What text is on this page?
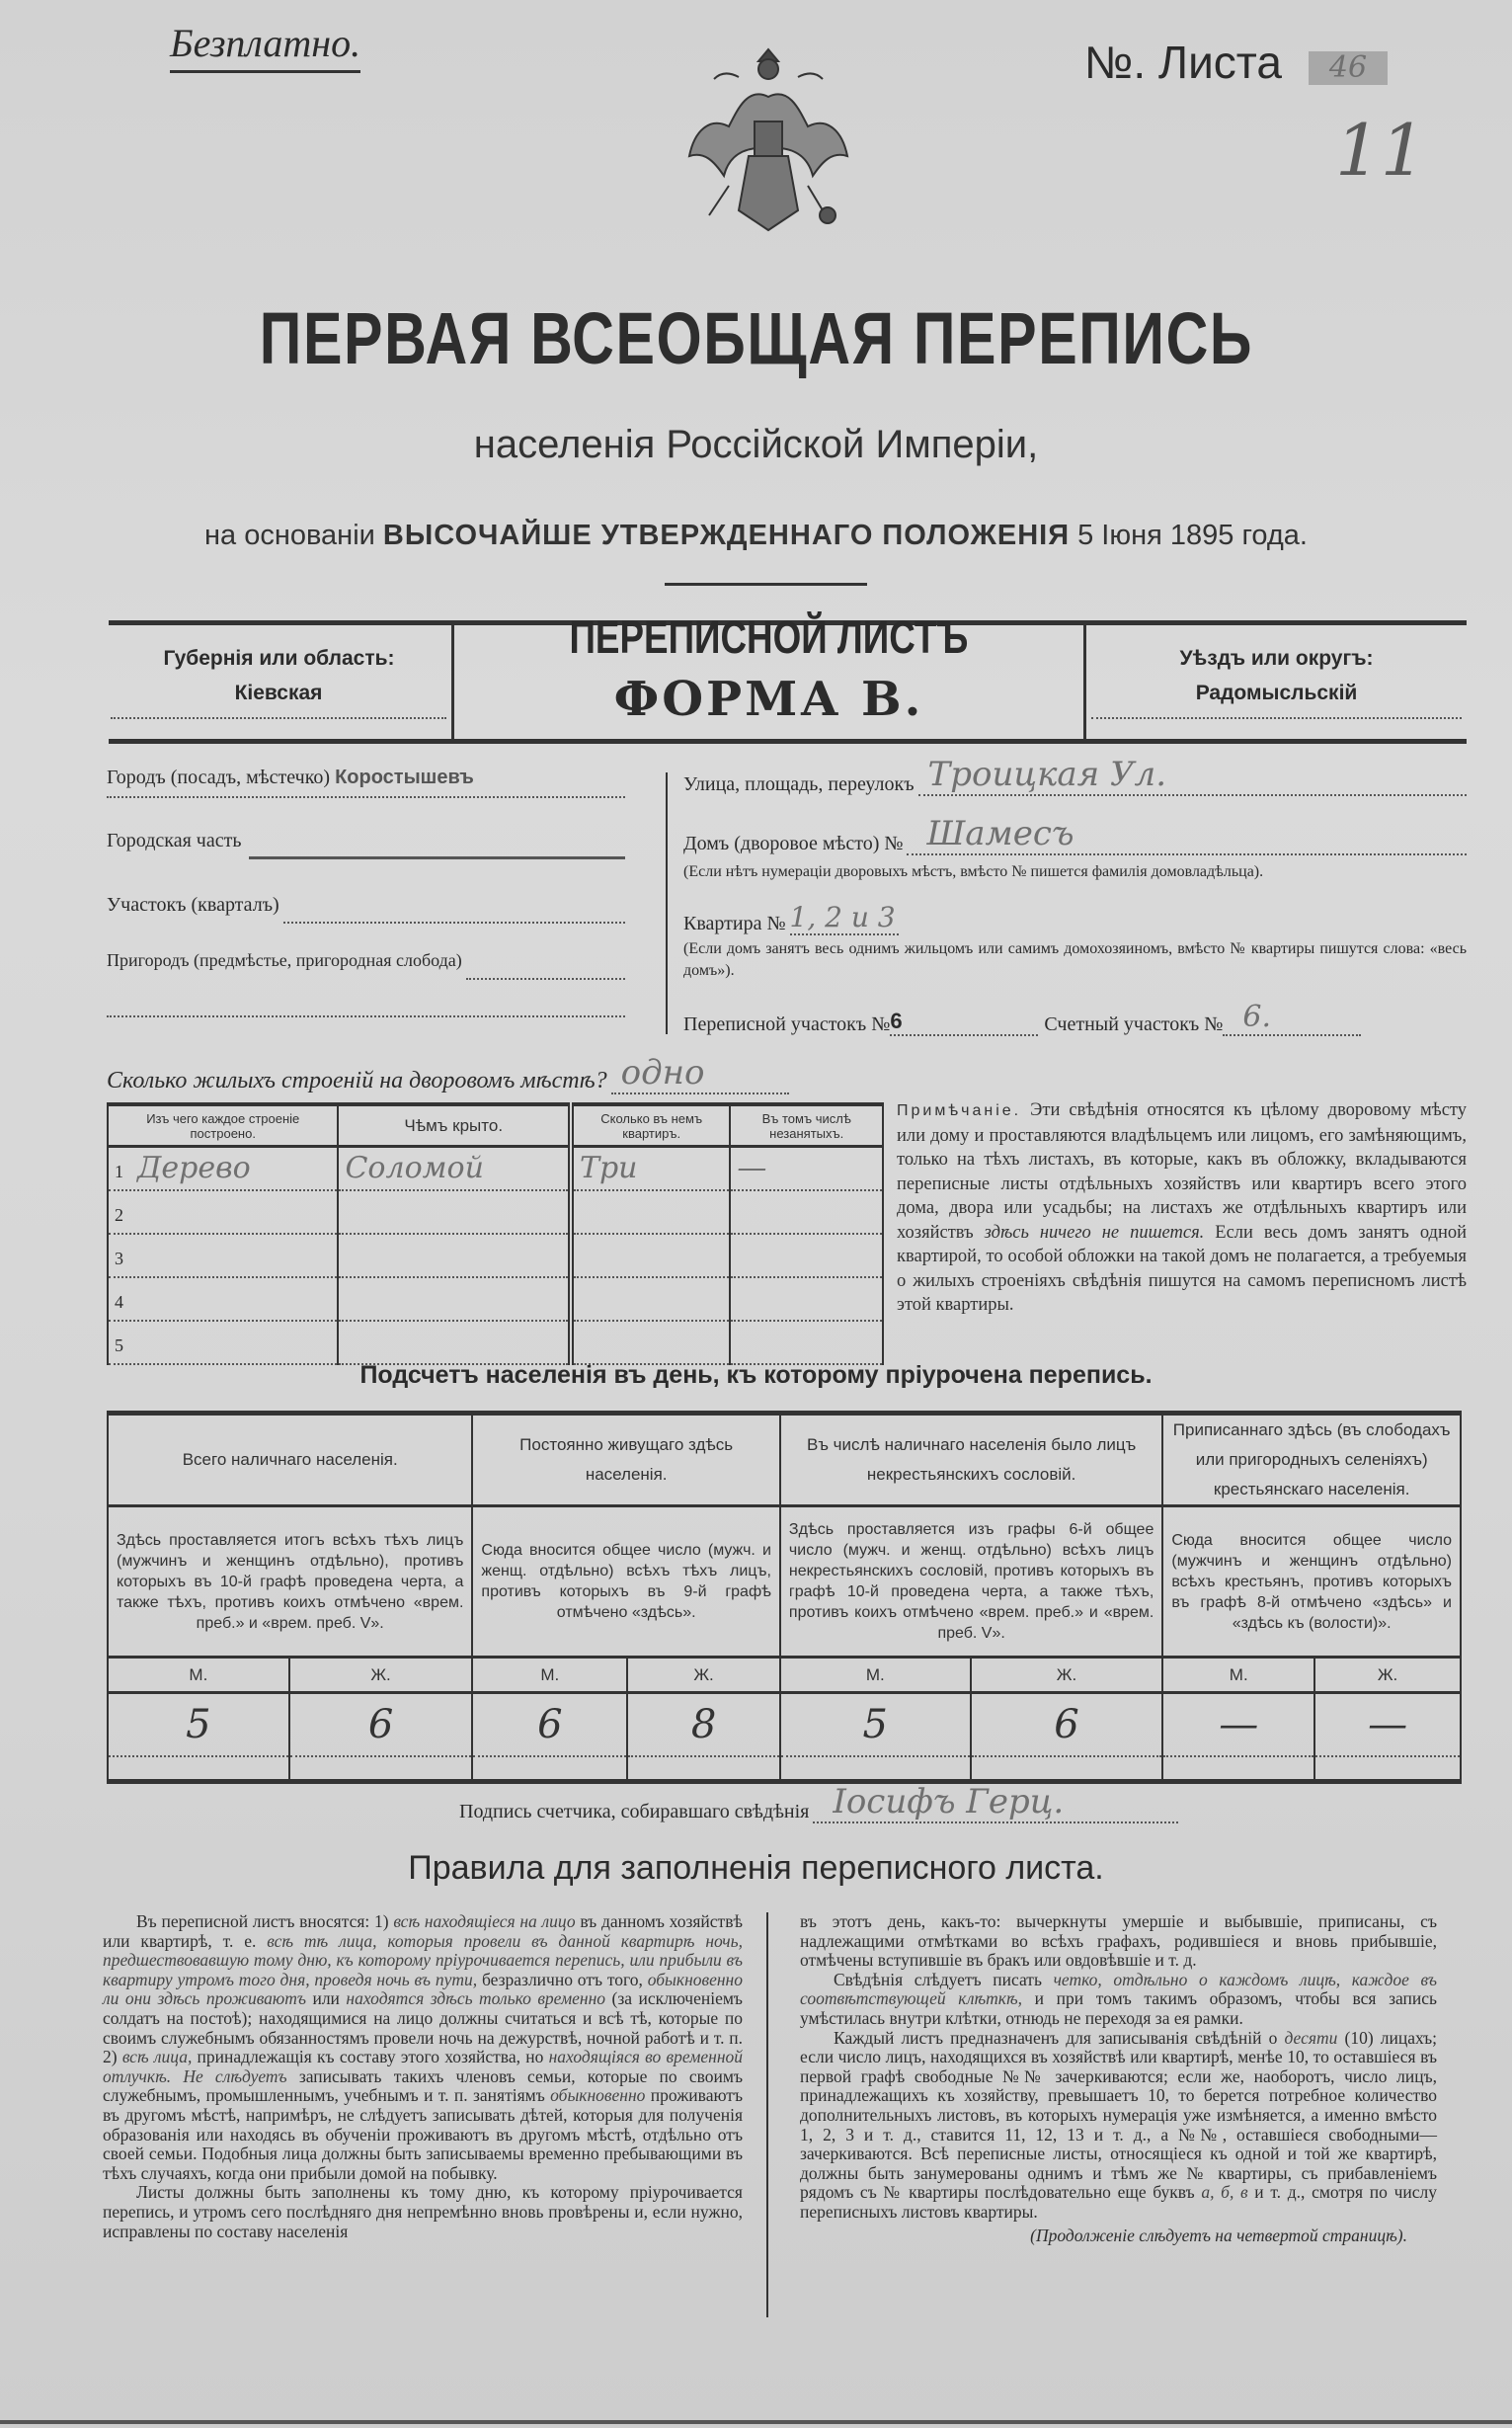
Безплатно.	№. Листа	46
11
ПЕРВАЯ ВСЕОБЩАЯ ПЕРЕПИСЬ
населенія Россійской Имперіи,
на основаніи ВЫСОЧАЙШЕ УТВЕРЖДЕННАГО ПОЛОЖЕНІЯ 5 Іюня 1895 года.
Губернія или область:
Кіевская
ПЕРЕПИСНОЙ ЛИСТЪ
ФОРМА В.
Уѣздъ или округъ:
Радомысльскій
Городъ (посадъ, мѣстечко) Коростышевъ
Городская часть
Участокъ (кварталъ)
Пригородъ (предмѣстье, пригородная слобода)
Улица, площадь, переулокъ Троицкая Ул.
Домъ (дворовое мѣсто) № Шамесъ
(Если нѣтъ нумераціи дворовыхъ мѣстъ, вмѣсто № пишется фамилія домовладѣльца).
Квартира № 1, 2 и 3
(Если домъ занятъ весь однимъ жильцомъ или самимъ домохозяиномъ, вмѣсто № квартиры пишутся слова: «весь домъ»).
Переписной участокъ № 6	Счетный участокъ № 6.
Сколько жилыхъ строеній на дворовомъ мѣстѣ? одно
Изъ чего каждое строеніе построено.	Чѣмъ крыто.	Сколько въ немъ квартиръ.	Въ томъ числѣ незанятыхъ.
1 Дерево	Соломой	Три	—
2			
3			
4			
5			
Примѣчаніе. Эти свѣдѣнія относятся къ цѣлому дворовому мѣсту или дому и проставляются владѣльцемъ или лицомъ, его замѣняющимъ, только на тѣхъ листахъ, въ которые, какъ въ обложку, вкладываются переписные листы отдѣльныхъ хозяйствъ или квартиръ всего этого дома, двора или усадьбы; на листахъ же отдѣльныхъ квартиръ или хозяйствъ здѣсь ничего не пишется. Если весь домъ занятъ одной квартирой, то особой обложки на такой домъ не полагается, а требуемыя о жилыхъ строеніяхъ свѣдѣнія пишутся на самомъ переписномъ листѣ этой квартиры.
Подсчетъ населенія въ день, къ которому пріурочена перепись.
Всего наличнаго населенія.		Постоянно живущаго здѣсь населенія.		Въ числѣ наличнаго населенія было лицъ некрестьянскихъ сословій.		Приписаннаго здѣсь (въ слободахъ или пригородныхъ селеніяхъ) крестьянскаго населенія.	
Здѣсь проставляется итогъ всѣхъ тѣхъ лицъ (мужчинъ и женщинъ отдѣльно), противъ которыхъ въ 10-й графѣ проведена черта, а также тѣхъ, противъ коихъ отмѣчено «врем. преб.» и «врем. преб. V».		Сюда вносится общее число (мужч. и женщ. отдѣльно) всѣхъ тѣхъ лицъ, противъ которыхъ въ 9-й графѣ отмѣчено «здѣсь».		Здѣсь проставляется изъ графы 6-й общее число (мужч. и женщ. отдѣльно) всѣхъ лицъ некрестьянскихъ сословій, противъ которыхъ въ графѣ 10-й проведена черта, а также тѣхъ, противъ коихъ отмѣчено «врем. преб.» и «врем. преб. V».		Сюда вносится общее число (мужчинъ и женщинъ отдѣльно) всѣхъ крестьянъ, противъ которыхъ въ графѣ 8-й отмѣчено «здѣсь» и «здѣсь къ (волости)».	
М.	Ж.	М.	Ж.	М.	Ж.	М.	Ж.
5	6	6	8	5	6	—	—

Подпись счетчика, собиравшаго свѣдѣнія Іосифъ Герц.
Правила для заполненія переписного листа.

Въ переписной листъ вносятся: 1) всѣ находящіеся на лицо въ данномъ хозяйствѣ или квартирѣ, т. е. всѣ тѣ лица, которыя провели въ данной квартирѣ ночь, предшествовавшую тому дню, къ которому пріурочивается перепись, или прибыли въ квартиру утромъ того дня, проведя ночь въ пути, безразлично отъ того, обыкновенно ли они здѣсь проживаютъ или находятся здѣсь только временно (за исключеніемъ солдатъ на постоѣ); находящимися на лицо должны считаться и всѣ тѣ, которые по своимъ служебнымъ обязанностямъ провели ночь на дежурствѣ, ночной работѣ и т. п. 2) всѣ лица, принадлежащія къ составу этого хозяйства, но находящіяся во временной отлучкѣ. Не слѣдуетъ записывать такихъ членовъ семьи, которые по своимъ служебнымъ, промышленнымъ, учебнымъ и т. п. занятіямъ обыкновенно проживаютъ въ другомъ мѣстѣ, напримѣръ, не слѣдуетъ записывать дѣтей, которыя для полученія образованія или находясь въ обученіи проживаютъ въ другомъ мѣстѣ, отдѣльно отъ своей семьи. Подобныя лица должны быть записываемы временно пребывающими въ тѣхъ случаяхъ, когда они прибыли домой на побывку.

Листы должны быть заполнены къ тому дню, къ которому пріурочивается перепись, и утромъ сего послѣдняго дня непремѣнно вновь провѣрены и, если нужно, исправлены по составу населенія

въ этотъ день, какъ-то: вычеркнуты умершіе и выбывшіе, приписаны, съ надлежащими отмѣтками во всѣхъ графахъ, родившіеся и вновь прибывшіе, отмѣчены вступившіе въ бракъ или овдовѣвшіе и т. д.

Свѣдѣнія слѣдуетъ писать четко, отдѣльно о каждомъ лицѣ, каждое въ соотвѣтствующей клѣткѣ, и при томъ такимъ образомъ, чтобы вся запись умѣстилась внутри клѣтки, отнюдь не переходя за ея рамки.

Каждый листъ предназначенъ для записыванія свѣдѣній о десяти (10) лицахъ; если число лицъ, находящихся въ хозяйствѣ или квартирѣ, менѣе 10, то оставшіеся въ первой графѣ свободные №№ зачеркиваются; если же, наоборотъ, число лицъ, принадлежащихъ къ хозяйству, превышаетъ 10, то берется потребное количество дополнительныхъ листовъ, въ которыхъ нумерація уже измѣняется, а именно вмѣсто 1, 2, 3 и т. д., ставится 11, 12, 13 и т. д., а №№, оставшіеся свободными—зачеркиваются. Всѣ переписные листы, относящіеся къ одной и той же квартирѣ, должны быть занумерованы однимъ и тѣмъ же № квартиры, съ прибавленіемъ рядомъ съ № квартиры послѣдовательно еще буквъ а, б, в и т. д., смотря по числу переписныхъ листовъ квартиры.

(Продолженіе слѣдуетъ на четвертой страницѣ).
